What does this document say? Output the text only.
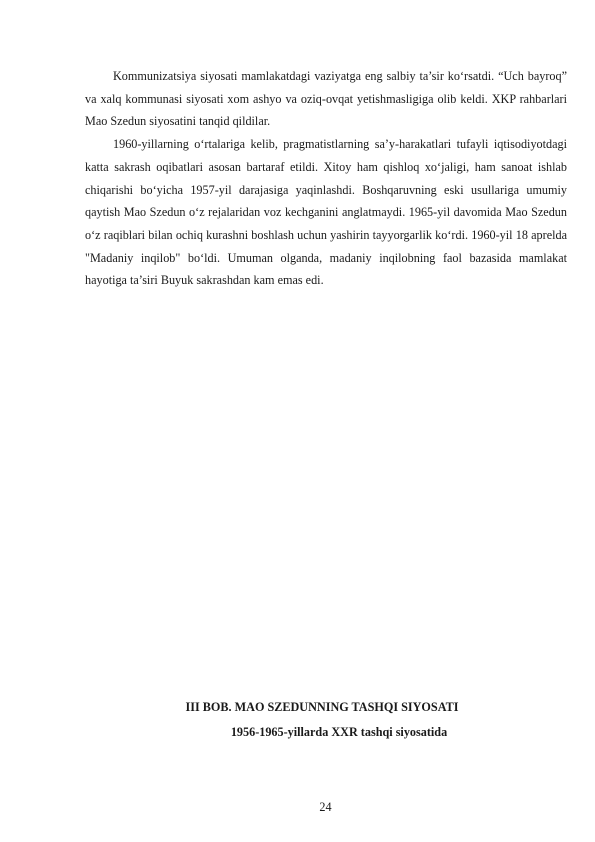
Kommunizatsiya siyosati mamlakatdagi vaziyatga eng salbiy ta’sir ko‘rsatdi. “Uch bayroq” va xalq kommunasi siyosati xom ashyo va oziq-ovqat yetishmasligiga olib keldi. XKP rahbarlari Mao Szedun siyosatini tanqid qildilar.

1960-yillarning o‘rtalariga kelib, pragmatistlarning sa’y-harakatlari tufayli iqtisodiyotdagi katta sakrash oqibatlari asosan bartaraf etildi. Xitoy ham qishloq xo‘jaligi, ham sanoat ishlab chiqarishi bo‘yicha 1957-yil darajasiga yaqinlashdi. Boshqaruvning eski usullariga umumiy qaytish Mao Szedun o‘z rejalaridan voz kechganini anglatmaydi. 1965-yil davomida Mao Szedun o‘z raqiblari bilan ochiq kurashni boshlash uchun yashirin tayyorgarlik ko‘rdi. 1960-yil 18 aprelda "Madaniy inqilob" bo‘ldi. Umuman olganda, madaniy inqilobning faol bazasida mamlakat hayotiga ta’siri Buyuk sakrashdan kam emas edi.

III BOB. MAO SZEDUNNING TASHQI SIYOSATI
1956-1965-yillarda XXR tashqi siyosatida
24
